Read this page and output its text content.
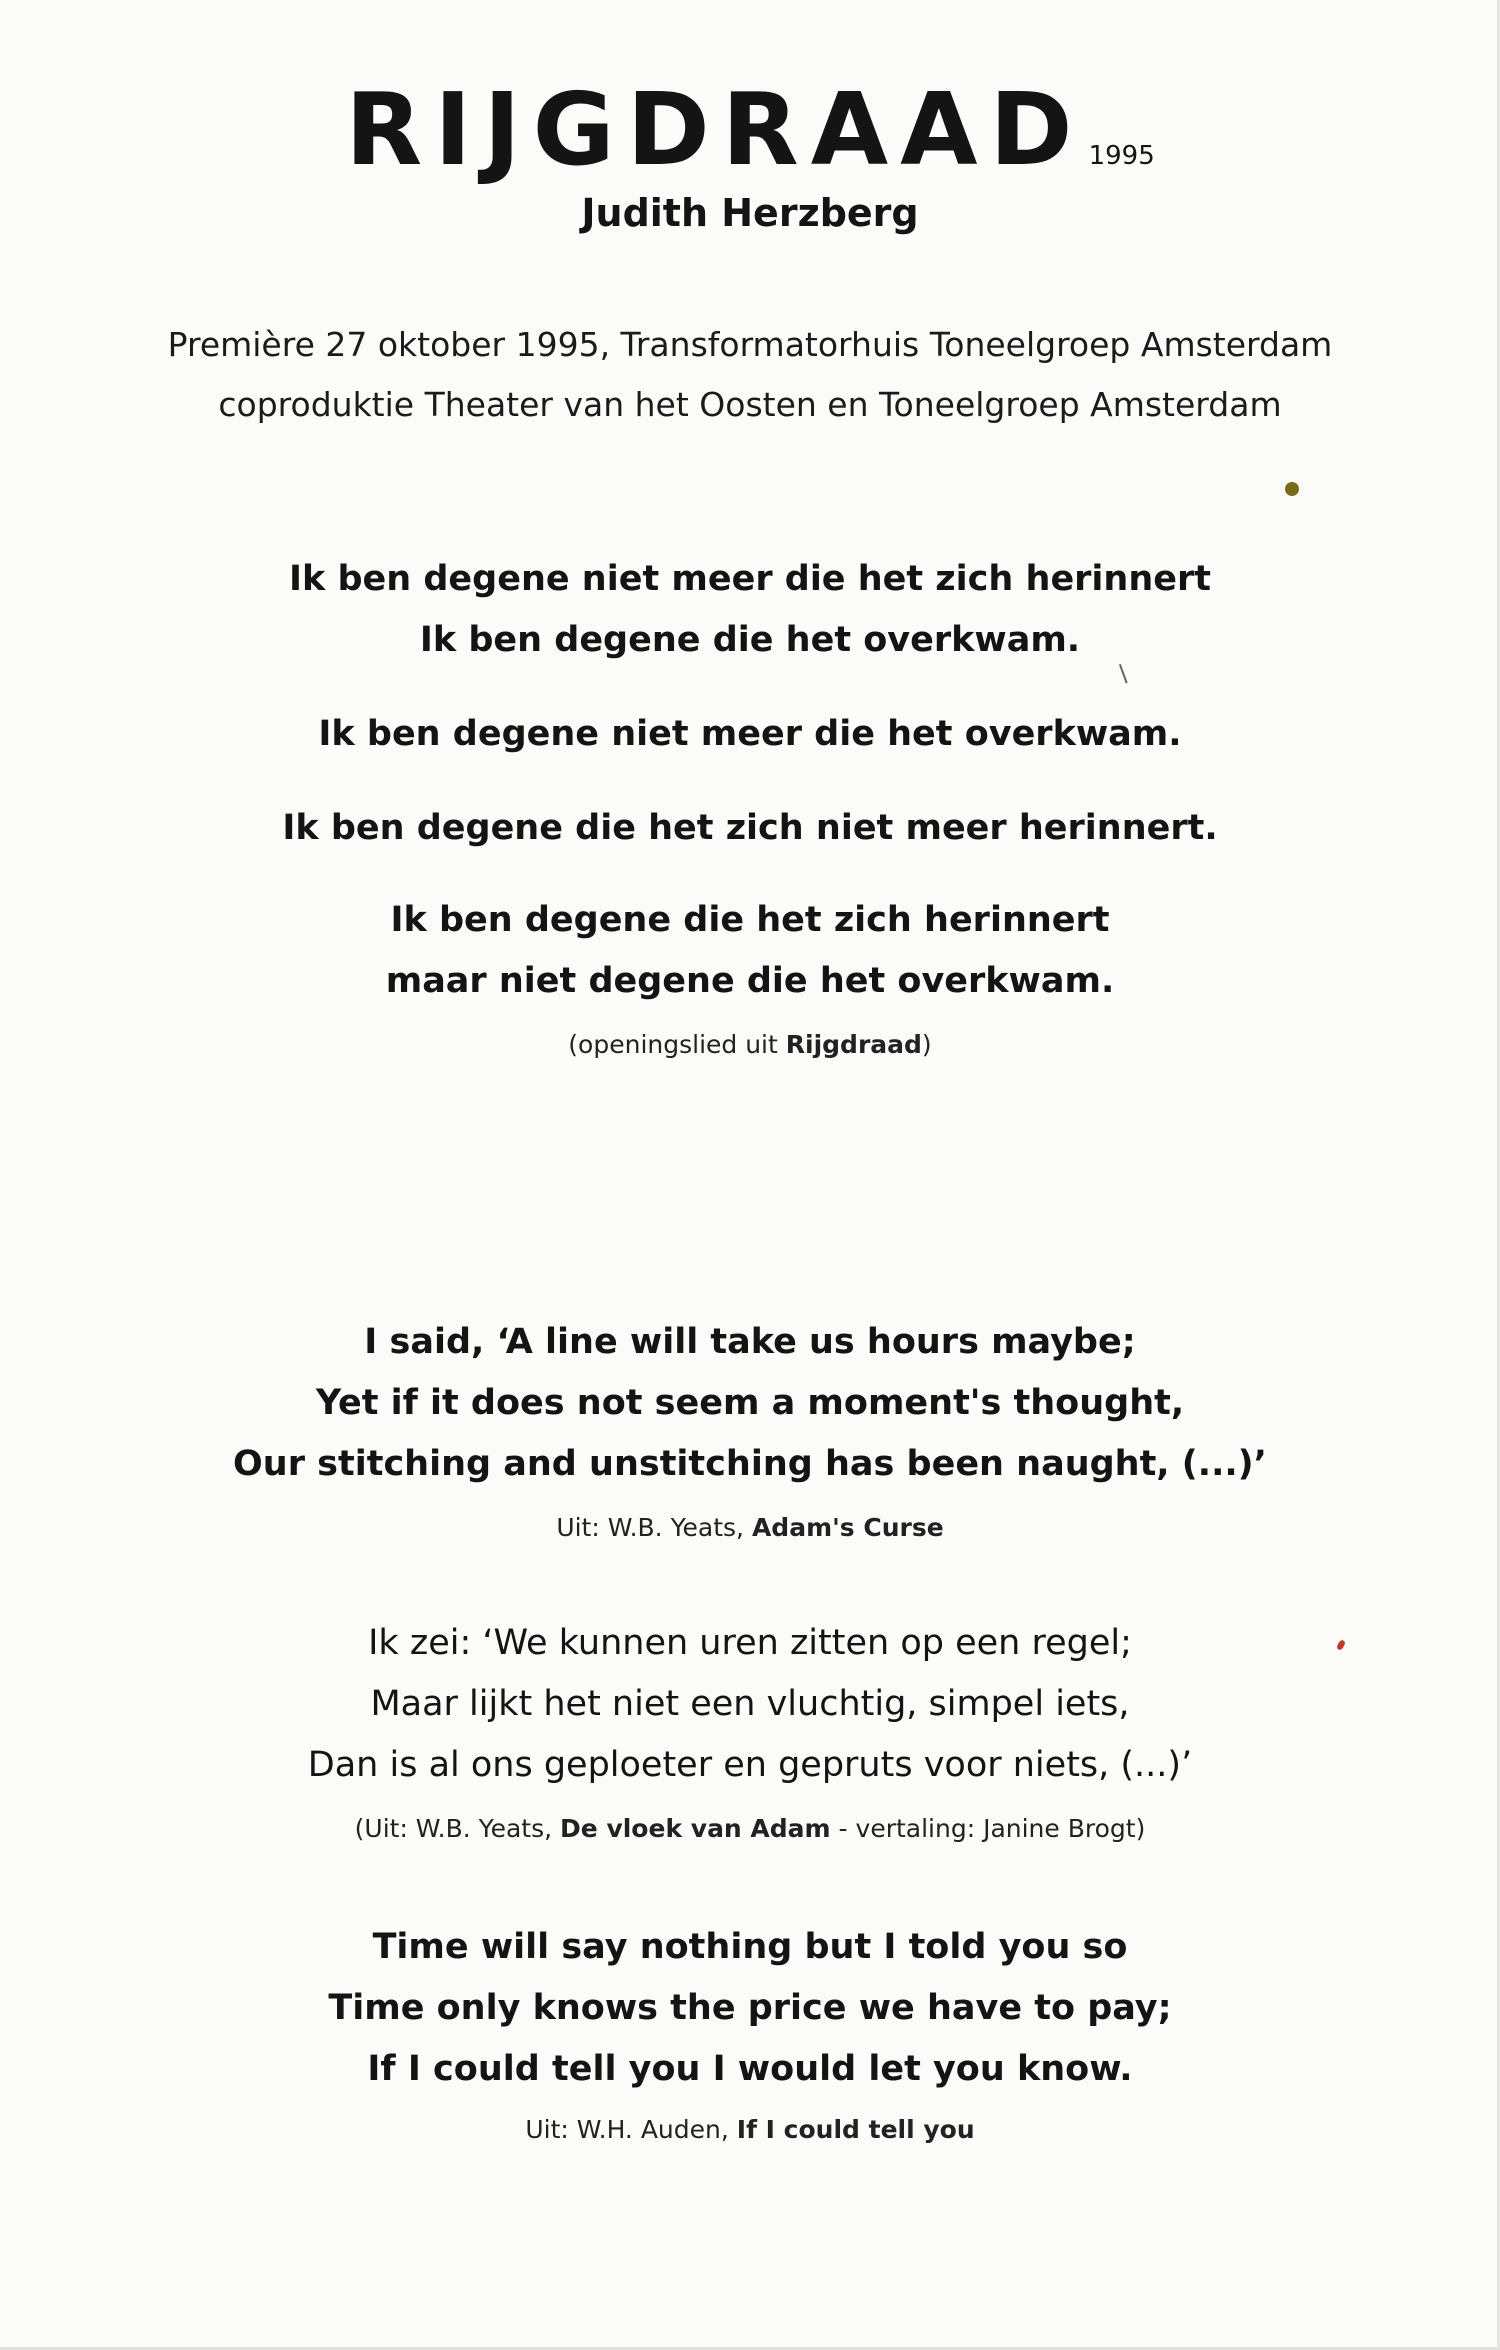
RIJGDRAAD 1995
Judith Herzberg
Première 27 oktober 1995, Transformatorhuis Toneelgroep Amsterdam
coproduktie Theater van het Oosten en Toneelgroep Amsterdam
Ik ben degene niet meer die het zich herinnert
Ik ben degene die het overkwam.
Ik ben degene niet meer die het overkwam.
Ik ben degene die het zich niet meer herinnert.
Ik ben degene die het zich herinnert
maar niet degene die het overkwam.
(openingslied uit Rijgdraad)
I said, ‘A line will take us hours maybe;
Yet if it does not seem a moment's thought,
Our stitching and unstitching has been naught, (...)’
Uit: W.B. Yeats, Adam's Curse
Ik zei: ‘We kunnen uren zitten op een regel;
Maar lijkt het niet een vluchtig, simpel iets,
Dan is al ons geploeter en gepruts voor niets, (...)’
(Uit: W.B. Yeats, De vloek van Adam - vertaling: Janine Brogt)
Time will say nothing but I told you so
Time only knows the price we have to pay;
If I could tell you I would let you know.
Uit: W.H. Auden, If I could tell you
